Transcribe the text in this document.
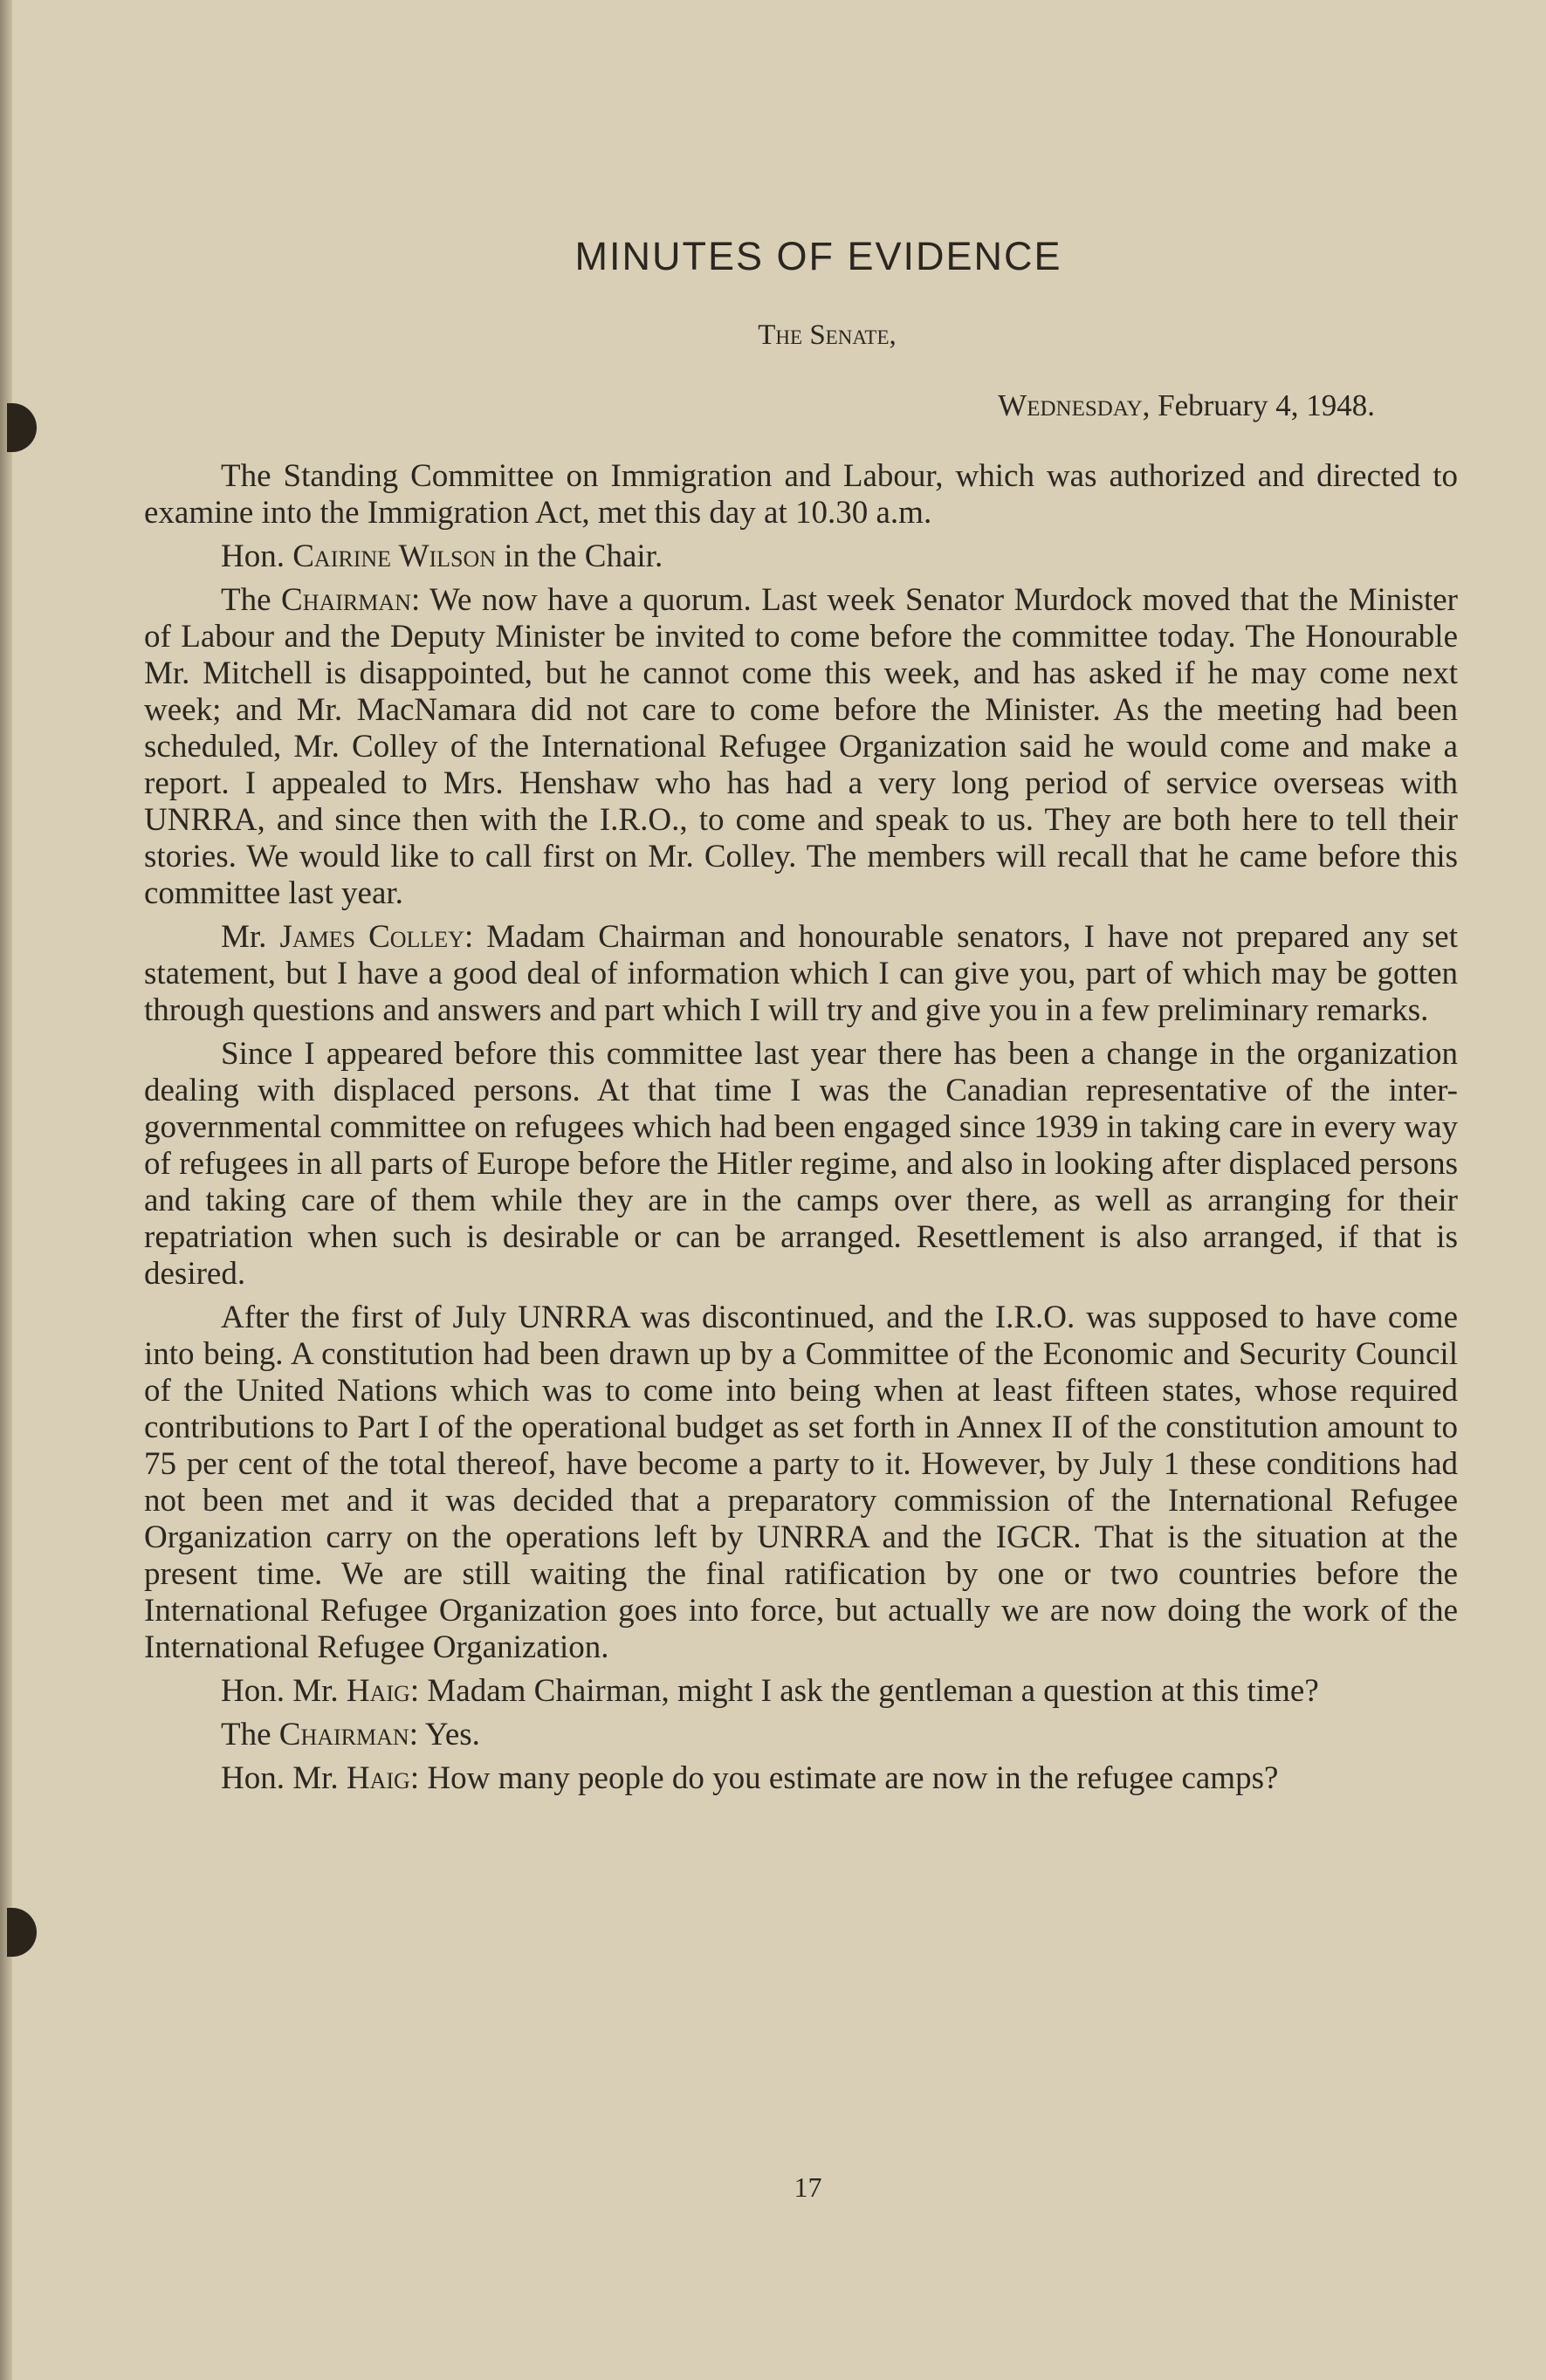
MINUTES OF EVIDENCE
The Senate,
Wednesday, February 4, 1948.

The Standing Committee on Immigration and Labour, which was authorized and directed to examine into the Immigration Act, met this day at 10.30 a.m.

Hon. Cairine Wilson in the Chair.

The Chairman: We now have a quorum. Last week Senator Murdock moved that the Minister of Labour and the Deputy Minister be invited to come before the committee today. The Honourable Mr. Mitchell is disappointed, but he cannot come this week, and has asked if he may come next week; and Mr. MacNamara did not care to come before the Minister. As the meeting had been scheduled, Mr. Colley of the International Refugee Organization said he would come and make a report. I appealed to Mrs. Henshaw who has had a very long period of service overseas with UNRRA, and since then with the I.R.O., to come and speak to us. They are both here to tell their stories. We would like to call first on Mr. Colley. The members will recall that he came before this committee last year.

Mr. James Colley: Madam Chairman and honourable senators, I have not prepared any set statement, but I have a good deal of information which I can give you, part of which may be gotten through questions and answers and part which I will try and give you in a few preliminary remarks.

Since I appeared before this committee last year there has been a change in the organization dealing with displaced persons. At that time I was the Canadian representative of the inter-governmental committee on refugees which had been engaged since 1939 in taking care in every way of refugees in all parts of Europe before the Hitler regime, and also in looking after displaced persons and taking care of them while they are in the camps over there, as well as arranging for their repatriation when such is desirable or can be arranged. Resettlement is also arranged, if that is desired.

After the first of July UNRRA was discontinued, and the I.R.O. was supposed to have come into being. A constitution had been drawn up by a Committee of the Economic and Security Council of the United Nations which was to come into being when at least fifteen states, whose required contributions to Part I of the operational budget as set forth in Annex II of the constitution amount to 75 per cent of the total thereof, have become a party to it. However, by July 1 these conditions had not been met and it was decided that a preparatory commission of the International Refugee Organization carry on the operations left by UNRRA and the IGCR. That is the situation at the present time. We are still waiting the final ratification by one or two countries before the International Refugee Organization goes into force, but actually we are now doing the work of the International Refugee Organization.

Hon. Mr. Haig: Madam Chairman, might I ask the gentleman a question at this time?

The Chairman: Yes.

Hon. Mr. Haig: How many people do you estimate are now in the refugee camps?

17
